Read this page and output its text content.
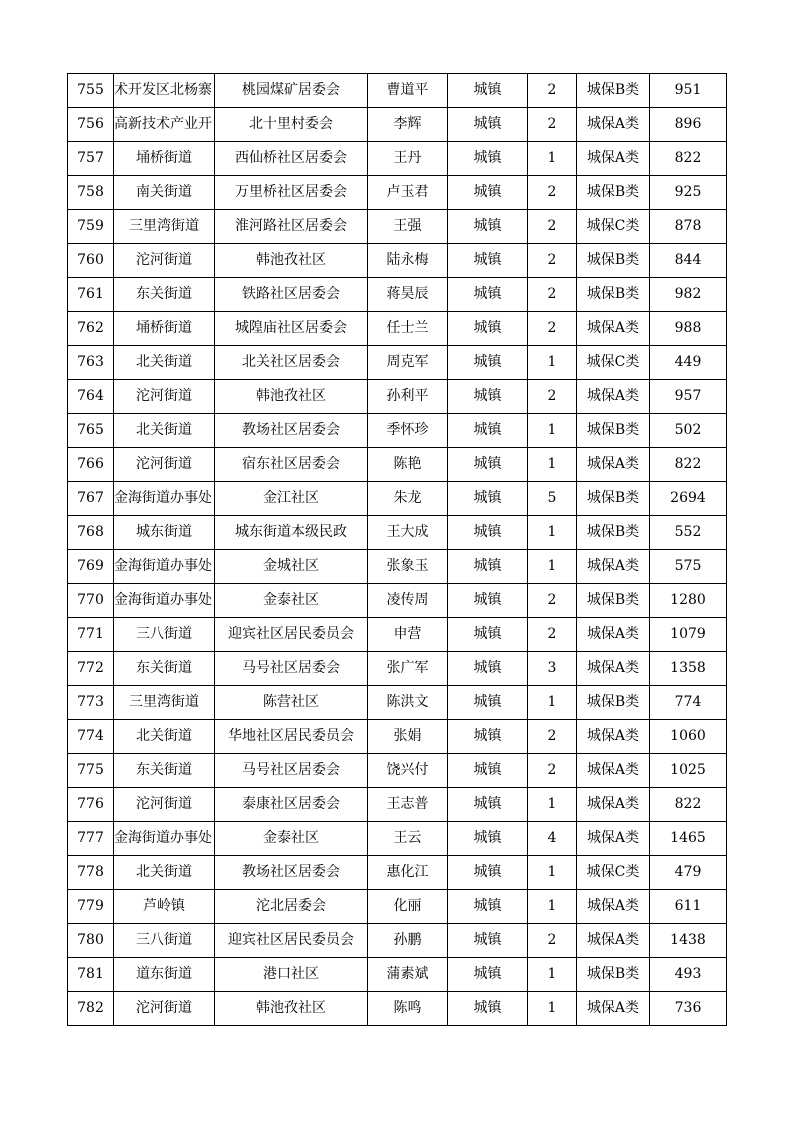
755	术开发区北杨寨	桃园煤矿居委会	曹道平	城镇	2	城保B类	951
756	高新技术产业开	北十里村委会	李辉	城镇	2	城保A类	896
757	埇桥街道	西仙桥社区居委会	王丹	城镇	1	城保A类	822
758	南关街道	万里桥社区居委会	卢玉君	城镇	2	城保B类	925
759	三里湾街道	淮河路社区居委会	王强	城镇	2	城保C类	878
760	沱河街道	韩池孜社区	陆永梅	城镇	2	城保B类	844
761	东关街道	铁路社区居委会	蒋昊辰	城镇	2	城保B类	982
762	埇桥街道	城隍庙社区居委会	任士兰	城镇	2	城保A类	988
763	北关街道	北关社区居委会	周克军	城镇	1	城保C类	449
764	沱河街道	韩池孜社区	孙利平	城镇	2	城保A类	957
765	北关街道	教场社区居委会	季怀珍	城镇	1	城保B类	502
766	沱河街道	宿东社区居委会	陈艳	城镇	1	城保A类	822
767	金海街道办事处	金江社区	朱龙	城镇	5	城保B类	2694
768	城东街道	城东街道本级民政	王大成	城镇	1	城保B类	552
769	金海街道办事处	金城社区	张象玉	城镇	1	城保A类	575
770	金海街道办事处	金泰社区	凌传周	城镇	2	城保B类	1280
771	三八街道	迎宾社区居民委员会	申营	城镇	2	城保A类	1079
772	东关街道	马号社区居委会	张广军	城镇	3	城保A类	1358
773	三里湾街道	陈营社区	陈洪文	城镇	1	城保B类	774
774	北关街道	华地社区居民委员会	张娟	城镇	2	城保A类	1060
775	东关街道	马号社区居委会	饶兴付	城镇	2	城保A类	1025
776	沱河街道	泰康社区居委会	王志普	城镇	1	城保A类	822
777	金海街道办事处	金泰社区	王云	城镇	4	城保A类	1465
778	北关街道	教场社区居委会	惠化江	城镇	1	城保C类	479
779	芦岭镇	沱北居委会	化丽	城镇	1	城保A类	611
780	三八街道	迎宾社区居民委员会	孙鹏	城镇	2	城保A类	1438
781	道东街道	港口社区	蒲素斌	城镇	1	城保B类	493
782	沱河街道	韩池孜社区	陈鸣	城镇	1	城保A类	736
